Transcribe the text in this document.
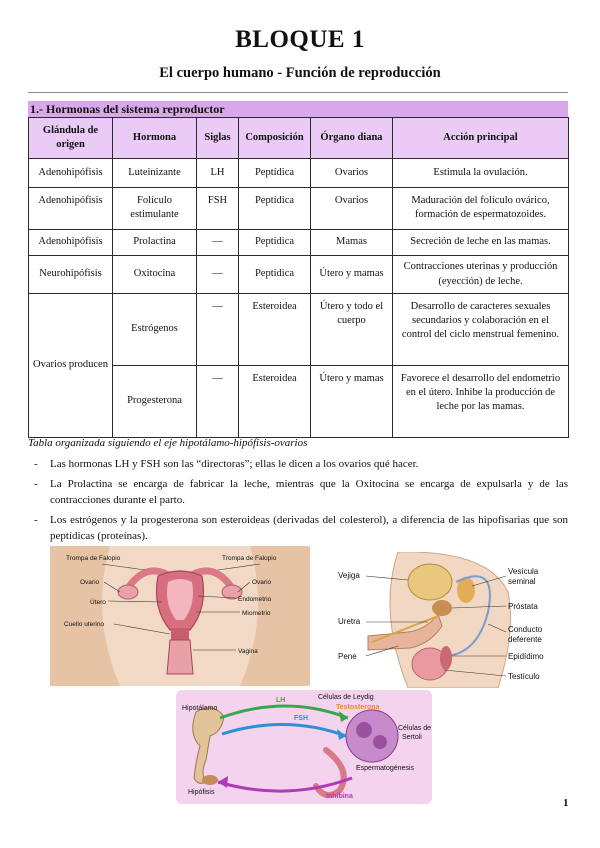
BLOQUE 1
El cuerpo humano - Función de reproducción
1.- Hormonas del sistema reproductor
Glándula de origen	Hormona	Siglas	Composición	Órgano diana	Acción principal
Adenohipófisis	Luteinizante	LH	Peptídica	Ovarios	Estimula la ovulación.
Adenohipófisis	Folículo estimulante	FSH	Peptídica	Ovarios	Maduración del folículo ovárico, formación de espermatozoides.
Adenohipófisis	Prolactina	—	Peptídica	Mamas	Secreción de leche en las mamas.
Neurohipófisis	Oxitocina	—	Peptídica	Útero y mamas	Contracciones uterinas y producción (eyección) de leche.
Ovarios producen	Estrógenos	—	Esteroidea	Útero y todo el cuerpo	Desarrollo de caracteres sexuales secundarios y colaboración en el control del ciclo menstrual femenino.
	Progesterona	—	Esteroidea	Útero y mamas	Favorece el desarrollo del endometrio en el útero. Inhibe la producción de leche por las mamas.
Tabla organizada siguiendo el eje hipotálamo-hipófisis-ovarios
- Las hormonas LH y FSH son las “directoras”; ellas le dicen a los ovarios qué hacer.
- La Prolactina se encarga de fabricar la leche, mientras que la Oxitocina se encarga de expulsarla y de las contracciones durante el parto.
- Los estrógenos y la progesterona son esteroideas (derivadas del colesterol), a diferencia de las hipofisarias que son peptídicas (proteínas).
Trompa de Falopio	Trompa de Falopio
Ovario	Ovario
Útero	Endometrio
Miometrio
Cuello uterino
Vagina
Vejiga	Vesícula
seminal
Próstata
Uretra
Conducto
deferente
Pene	Epidídimo
Testículo
Hipotálamo
Hipófisis
LH
FSH
Células de Leydig
Testosterona
Células de
Sertoli
Espermatogénesis
Inhibina
1
